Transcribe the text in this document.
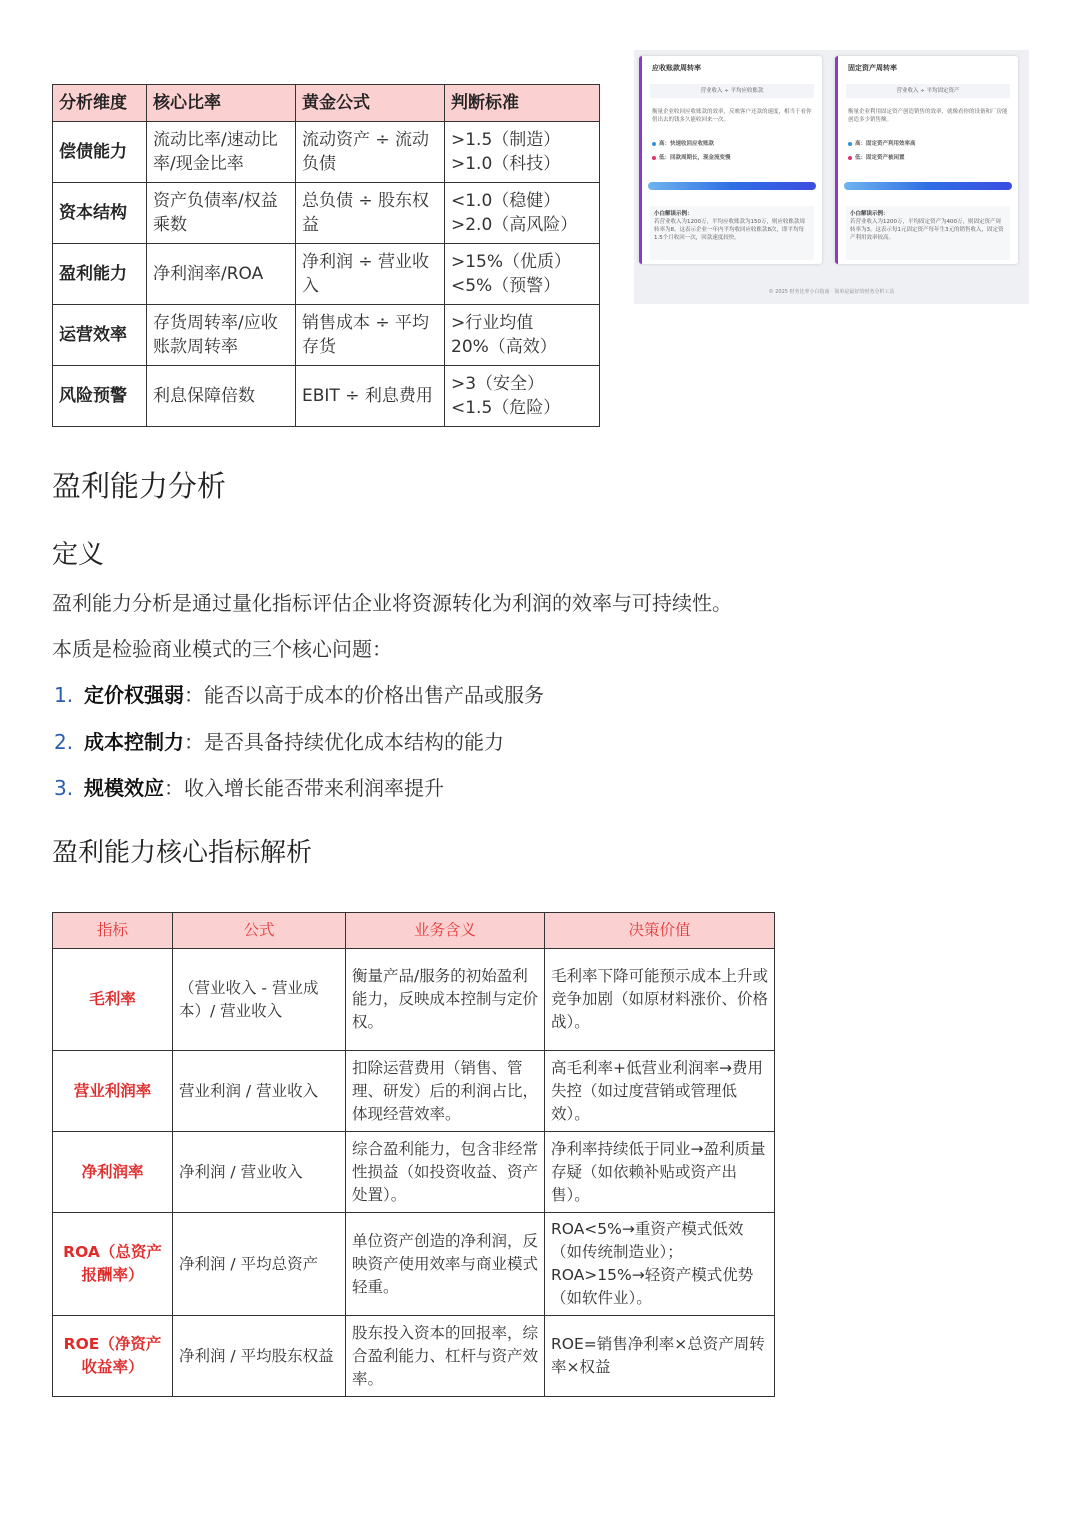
分析维度	核心比率	黄金公式	判断标准
偿债能力	流动比率/速动比率/现金比率	流动资产 ÷ 流动负债	>1.5（制造）
>1.0（科技）

资本结构	资产负债率/权益乘数	总负债 ÷ 股东权益	<1.0（稳健）
>2.0（高风险）

盈利能力	净利润率/ROA	净利润 ÷ 营业收入	>15%（优质）
<5%（预警）

运营效率	存货周转率/应收账款周转率	销售成本 ÷ 平均存货	>行业均值
20%（高效）

风险预警	利息保障倍数	EBIT ÷ 利息费用	>3（安全）
<1.5（危险）
应收账款周转率
营业收入 ÷ 平均应收账款
衡量企业收回应收账款的效率，反映客户还款的速度，相当于看你借出去的钱多久能收回来一次。
高：快速收回应收账款
低：回款周期长，现金流变慢
小白解读示例：
若营业收入为1200万，平均应收账款为150万，则应收账款周转率为8。这表示企业一年内平均收回应收账款8次，即平均每1.5个月收回一次，回款速度较快。
固定资产周转率
营业收入 ÷ 平均固定资产
衡量企业利用固定资产创造销售的效率，就像看你的设备和厂房能创造多少销售额。
高：固定资产利用效率高
低：固定资产被闲置
小白解读示例：
若营业收入为1200万，平均固定资产为400万，则固定资产周转率为3。这表示每1元固定资产每年生3元的销售收入，固定资产利用效率较高。
© 2025 财务比率小白指南 · 简单是最好的财务分析工具
盈利能力分析
定义
盈利能力分析是通过量化指标评估企业将资源转化为利润的效率与可持续性。
本质是检验商业模式的三个核心问题：
1. 定价权强弱：能否以高于成本的价格出售产品或服务
2. 成本控制力：是否具备持续优化成本结构的能力
3. 规模效应：收入增长能否带来利润率提升
盈利能力核心指标解析
指标	公式	业务含义	决策价值
毛利率	（营业收入 - 营业成本）/ 营业收入	衡量产品/服务的初始盈利能力，反映成本控制与定价权。	毛利率下降可能预示成本上升或竞争加剧（如原材料涨价、价格战）。
营业利润率	营业利润 / 营业收入	扣除运营费用（销售、管理、研发）后的利润占比，体现经营效率。	高毛利率+低营业利润率→费用失控（如过度营销或管理低效）。
净利润率	净利润 / 营业收入	综合盈利能力，包含非经常性损益（如投资收益、资产处置）。	净利率持续低于同业→盈利质量存疑（如依赖补贴或资产出售）。
ROA（总资产报酬率）	净利润 / 平均总资产	单位资产创造的净利润，反映资产使用效率与商业模式轻重。	ROA<5%→重资产模式低效（如传统制造业）；ROA>15%→轻资产模式优势（如软件业）。
ROE（净资产收益率）	净利润 / 平均股东权益	股东投入资本的回报率，综合盈利能力、杠杆与资产效率。	ROE=销售净利率×总资产周转率×权益
